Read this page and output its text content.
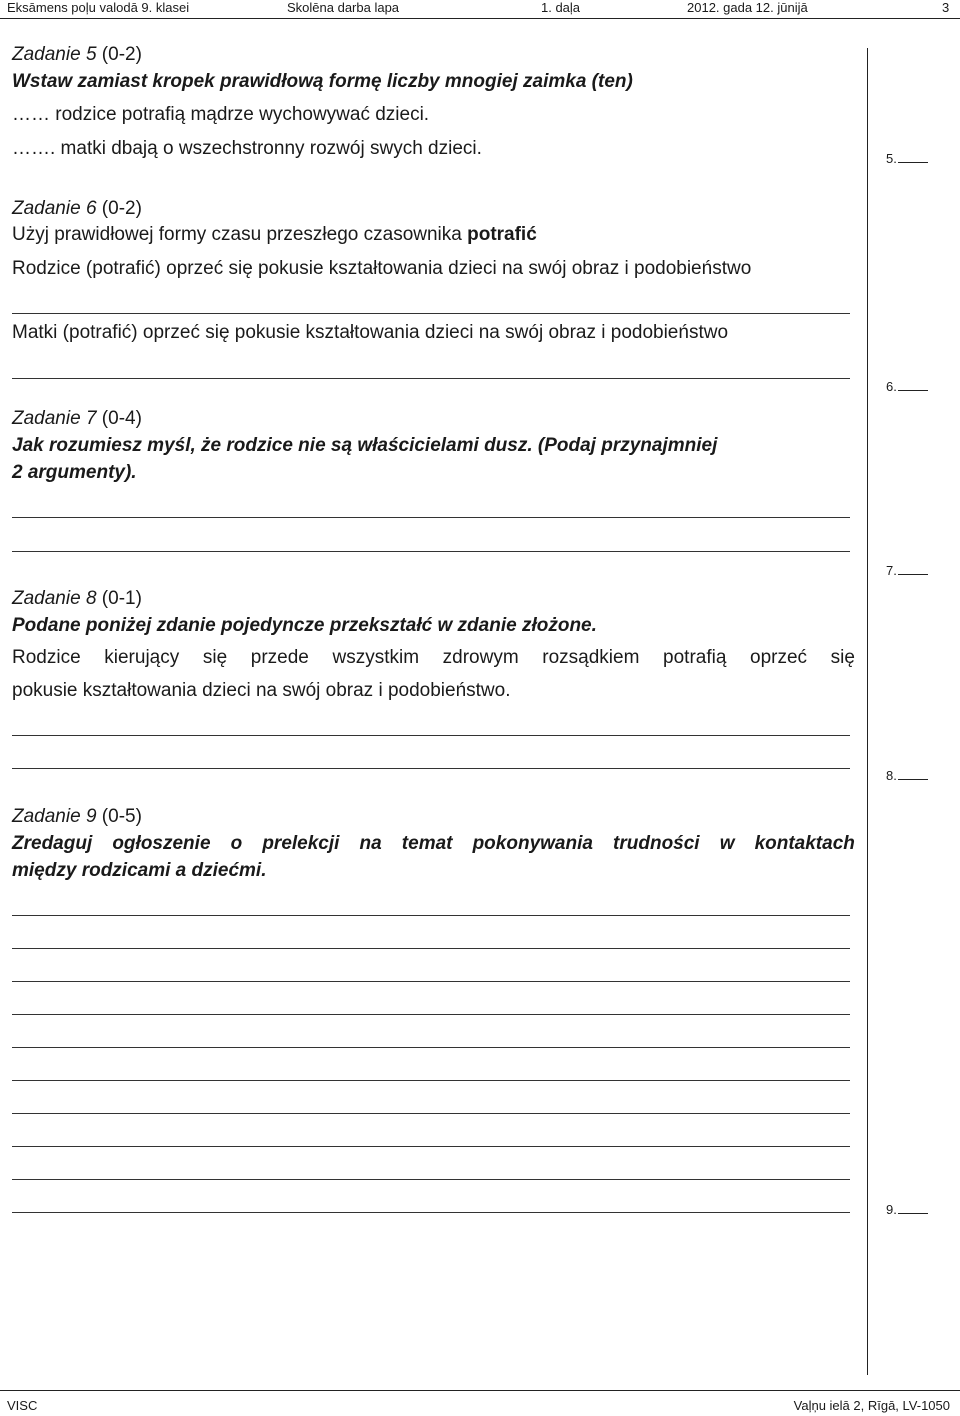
Eksāmens poļu valodā 9. klasei	Skolēna darba lapa	1. daļa	2012. gada 12. jūnijā	3
Zadanie 5 (0-2)
Wstaw zamiast kropek prawidłową formę liczby mnogiej zaimka (ten)
…… rodzice potrafią mądrze wychowywać dzieci.
……. matki dbają o wszechstronny rozwój swych dzieci.	5.
Zadanie 6 (0-2)
Użyj prawidłowej formy czasu przeszłego czasownika potrafić
Rodzice (potrafić) oprzeć się pokusie kształtowania dzieci na swój obraz i podobieństwo
Matki (potrafić) oprzeć się pokusie kształtowania dzieci na swój obraz i podobieństwo
6.
Zadanie 7 (0-4)
Jak rozumiesz myśl, że rodzice nie są właścicielami dusz. (Podaj przynajmniej
2 argumenty).
7.
Zadanie 8 (0-1)
Podane poniżej zdanie pojedyncze przekształć w zdanie złożone.
Rodzice kierujący się przede wszystkim zdrowym rozsądkiem potrafią oprzeć się
pokusie kształtowania dzieci na swój obraz i podobieństwo.
8.
Zadanie 9 (0-5)
Zredaguj ogłoszenie o prelekcji na temat pokonywania trudności w kontaktach
między rodzicami a dziećmi.
9.
VISC	Vaļņu ielā 2, Rīgā, LV-1050
